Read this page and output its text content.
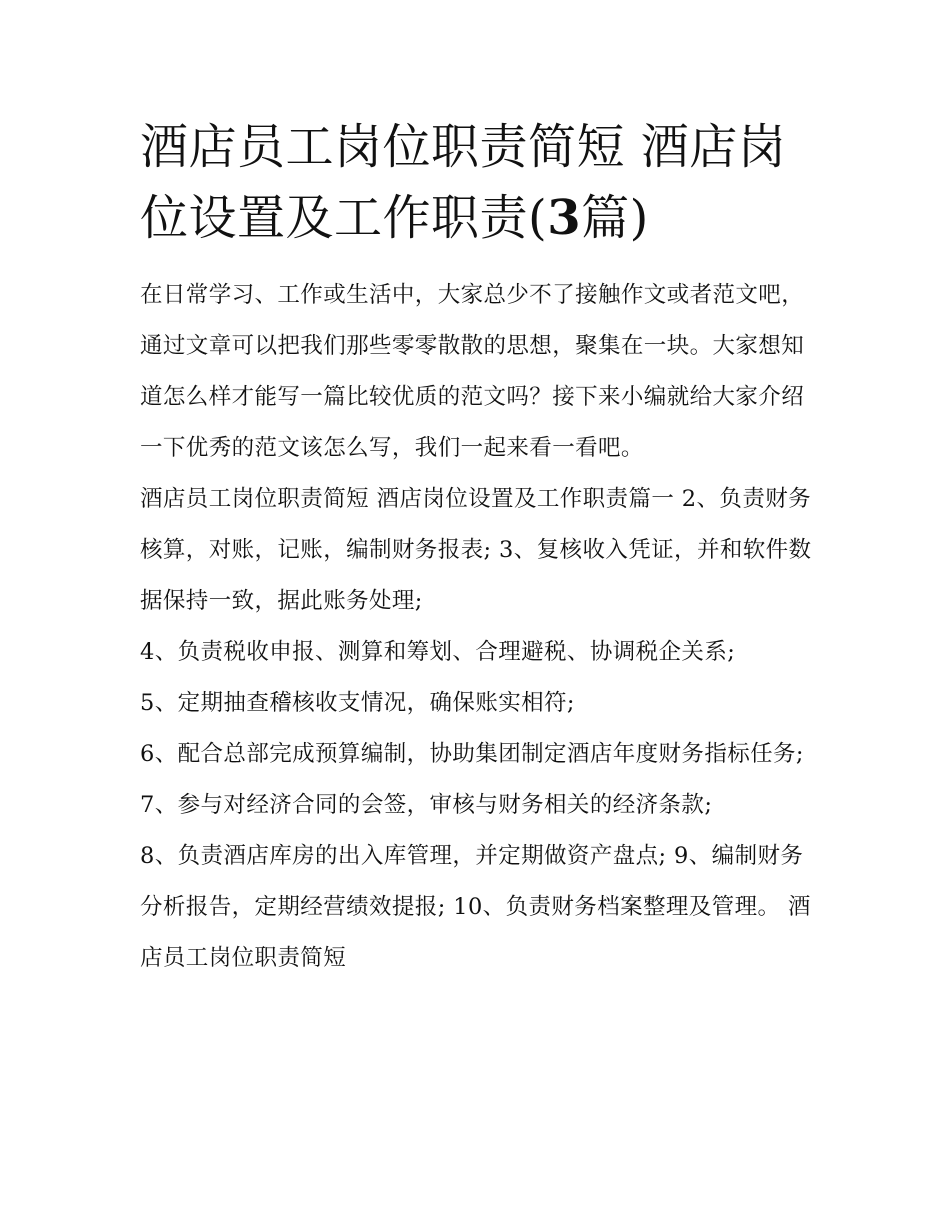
酒店员工岗位职责简短 酒店岗位设置及工作职责(3篇)

在日常学习、工作或生活中，大家总少不了接触作文或者范文吧，通过文章可以把我们那些零零散散的思想，聚集在一块。大家想知道怎么样才能写一篇比较优质的范文吗？接下来小编就给大家介绍一下优秀的范文该怎么写，我们一起来看一看吧。

酒店员工岗位职责简短 酒店岗位设置及工作职责篇一 2、负责财务核算，对账，记账，编制财务报表; 3、复核收入凭证，并和软件数据保持一致，据此账务处理;

4、负责税收申报、测算和筹划、合理避税、协调税企关系;

5、定期抽查稽核收支情况，确保账实相符;

6、配合总部完成预算编制，协助集团制定酒店年度财务指标任务; 7、参与对经济合同的会签，审核与财务相关的经济条款;

8、负责酒店库房的出入库管理，并定期做资产盘点; 9、编制财务分析报告，定期经营绩效提报; 10、负责财务档案整理及管理。 酒店员工岗位职责简短
